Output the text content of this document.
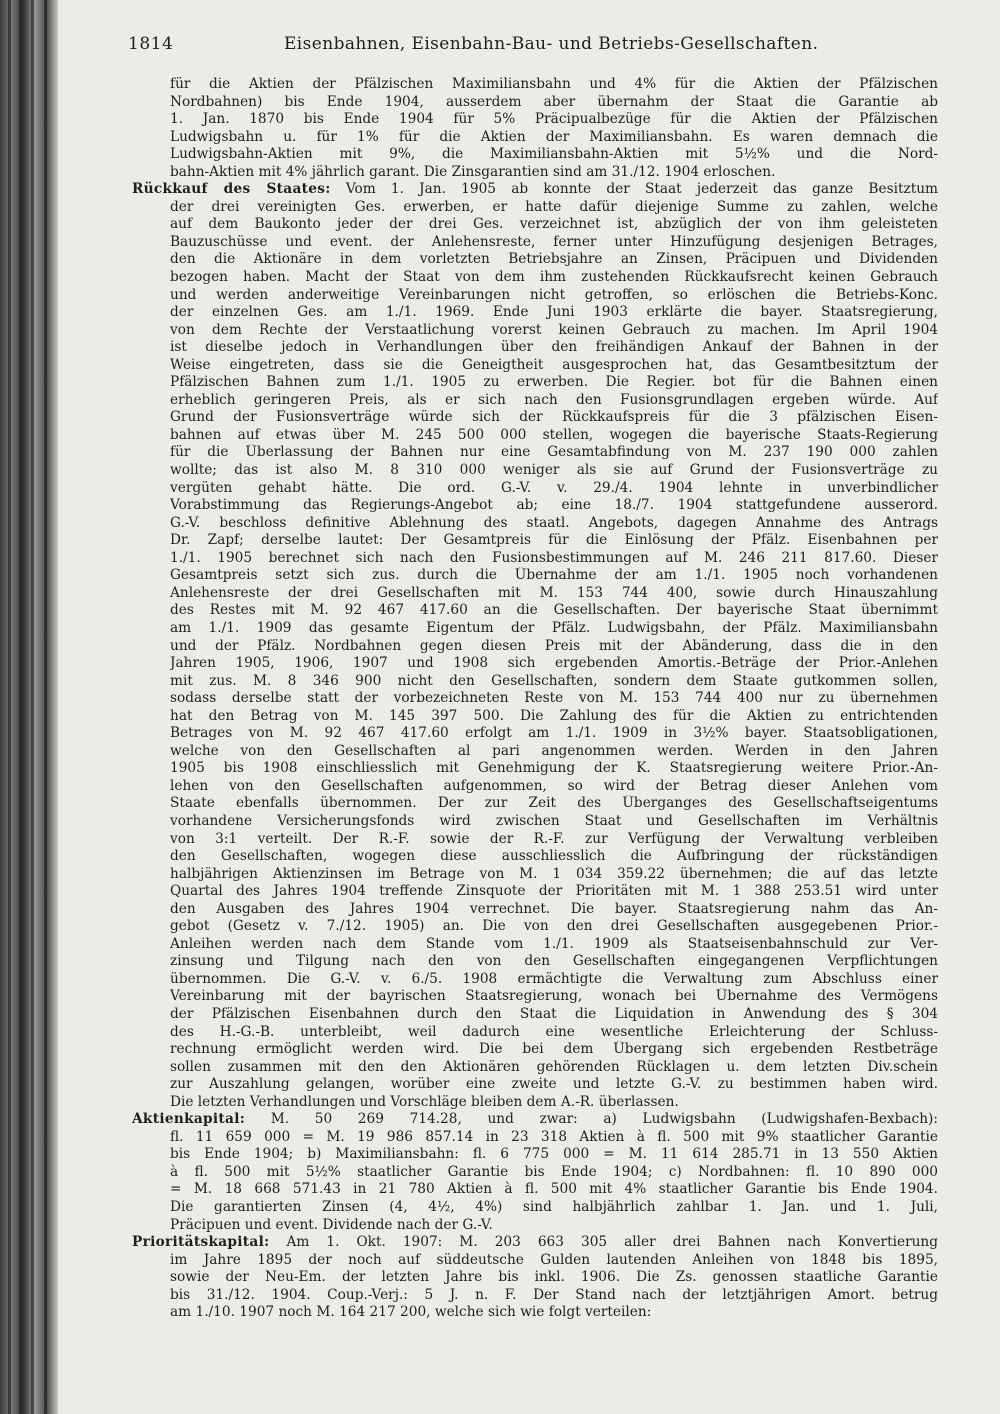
1814	Eisenbahnen, Eisenbahn-Bau- und Betriebs-Gesellschaften.
für die Aktien der Pfälzischen Maximiliansbahn und 4% für die Aktien der Pfälzischen
Nordbahnen) bis Ende 1904, ausserdem aber übernahm der Staat die Garantie ab
1. Jan. 1870 bis Ende 1904 für 5% Präcipualbezüge für die Aktien der Pfälzischen
Ludwigsbahn u. für 1% für die Aktien der Maximiliansbahn. Es waren demnach die
Ludwigsbahn-Aktien mit 9%, die Maximiliansbahn-Aktien mit 5½% und die Nord-
bahn-Aktien mit 4% jährlich garant. Die Zinsgarantien sind am 31./12. 1904 erloschen.
Rückkauf des Staates: Vom 1. Jan. 1905 ab konnte der Staat jederzeit das ganze Besitztum
der drei vereinigten Ges. erwerben, er hatte dafür diejenige Summe zu zahlen, welche
auf dem Baukonto jeder der drei Ges. verzeichnet ist, abzüglich der von ihm geleisteten
Bauzuschüsse und event. der Anlehensreste, ferner unter Hinzufügung desjenigen Betrages,
den die Aktionäre in dem vorletzten Betriebsjahre an Zinsen, Präcipuen und Dividenden
bezogen haben. Macht der Staat von dem ihm zustehenden Rückkaufsrecht keinen Gebrauch
und werden anderweitige Vereinbarungen nicht getroffen, so erlöschen die Betriebs-Konc.
der einzelnen Ges. am 1./1. 1969. Ende Juni 1903 erklärte die bayer. Staatsregierung,
von dem Rechte der Verstaatlichung vorerst keinen Gebrauch zu machen. Im April 1904
ist dieselbe jedoch in Verhandlungen über den freihändigen Ankauf der Bahnen in der
Weise eingetreten, dass sie die Geneigtheit ausgesprochen hat, das Gesamtbesitztum der
Pfälzischen Bahnen zum 1./1. 1905 zu erwerben. Die Regier. bot für die Bahnen einen
erheblich geringeren Preis, als er sich nach den Fusionsgrundlagen ergeben würde. Auf
Grund der Fusionsverträge würde sich der Rückkaufspreis für die 3 pfälzischen Eisen-
bahnen auf etwas über M. 245 500 000 stellen, wogegen die bayerische Staats-Regierung
für die Überlassung der Bahnen nur eine Gesamtabfindung von M. 237 190 000 zahlen
wollte; das ist also M. 8 310 000 weniger als sie auf Grund der Fusionsverträge zu
vergüten gehabt hätte. Die ord. G.-V. v. 29./4. 1904 lehnte in unverbindlicher
Vorabstimmung das Regierungs-Angebot ab; eine 18./7. 1904 stattgefundene ausserord.
G.-V. beschloss definitive Ablehnung des staatl. Angebots, dagegen Annahme des Antrags
Dr. Zapf; derselbe lautet: Der Gesamtpreis für die Einlösung der Pfälz. Eisenbahnen per
1./1. 1905 berechnet sich nach den Fusionsbestimmungen auf M. 246 211 817.60. Dieser
Gesamtpreis setzt sich zus. durch die Übernahme der am 1./1. 1905 noch vorhandenen
Anlehensreste der drei Gesellschaften mit M. 153 744 400, sowie durch Hinauszahlung
des Restes mit M. 92 467 417.60 an die Gesellschaften. Der bayerische Staat übernimmt
am 1./1. 1909 das gesamte Eigentum der Pfälz. Ludwigsbahn, der Pfälz. Maximiliansbahn
und der Pfälz. Nordbahnen gegen diesen Preis mit der Abänderung, dass die in den
Jahren 1905, 1906, 1907 und 1908 sich ergebenden Amortis.-Beträge der Prior.-Anlehen
mit zus. M. 8 346 900 nicht den Gesellschaften, sondern dem Staate gutkommen sollen,
sodass derselbe statt der vorbezeichneten Reste von M. 153 744 400 nur zu übernehmen
hat den Betrag von M. 145 397 500. Die Zahlung des für die Aktien zu entrichtenden
Betrages von M. 92 467 417.60 erfolgt am 1./1. 1909 in 3½% bayer. Staatsobligationen,
welche von den Gesellschaften al pari angenommen werden. Werden in den Jahren
1905 bis 1908 einschliesslich mit Genehmigung der K. Staatsregierung weitere Prior.-An-
lehen von den Gesellschaften aufgenommen, so wird der Betrag dieser Anlehen vom
Staate ebenfalls übernommen. Der zur Zeit des Überganges des Gesellschaftseigentums
vorhandene Versicherungsfonds wird zwischen Staat und Gesellschaften im Verhältnis
von 3:1 verteilt. Der R.-F. sowie der R.-F. zur Verfügung der Verwaltung verbleiben
den Gesellschaften, wogegen diese ausschliesslich die Aufbringung der rückständigen
halbjährigen Aktienzinsen im Betrage von M. 1 034 359.22 übernehmen; die auf das letzte
Quartal des Jahres 1904 treffende Zinsquote der Prioritäten mit M. 1 388 253.51 wird unter
den Ausgaben des Jahres 1904 verrechnet. Die bayer. Staatsregierung nahm das An-
gebot (Gesetz v. 7./12. 1905) an. Die von den drei Gesellschaften ausgegebenen Prior.-
Anleihen werden nach dem Stande vom 1./1. 1909 als Staatseisenbahnschuld zur Ver-
zinsung und Tilgung nach den von den Gesellschaften eingegangenen Verpflichtungen
übernommen. Die G.-V. v. 6./5. 1908 ermächtigte die Verwaltung zum Abschluss einer
Vereinbarung mit der bayrischen Staatsregierung, wonach bei Übernahme des Vermögens
der Pfälzischen Eisenbahnen durch den Staat die Liquidation in Anwendung des § 304
des H.-G.-B. unterbleibt, weil dadurch eine wesentliche Erleichterung der Schluss-
rechnung ermöglicht werden wird. Die bei dem Übergang sich ergebenden Restbeträge
sollen zusammen mit den den Aktionären gehörenden Rücklagen u. dem letzten Div.schein
zur Auszahlung gelangen, worüber eine zweite und letzte G.-V. zu bestimmen haben wird.
Die letzten Verhandlungen und Vorschläge bleiben dem A.-R. überlassen.
Aktienkapital: M. 50 269 714.28, und zwar: a) Ludwigsbahn (Ludwigshafen-Bexbach):
fl. 11 659 000 = M. 19 986 857.14 in 23 318 Aktien à fl. 500 mit 9% staatlicher Garantie
bis Ende 1904; b) Maximiliansbahn: fl. 6 775 000 = M. 11 614 285.71 in 13 550 Aktien
à fl. 500 mit 5½% staatlicher Garantie bis Ende 1904; c) Nordbahnen: fl. 10 890 000
= M. 18 668 571.43 in 21 780 Aktien à fl. 500 mit 4% staatlicher Garantie bis Ende 1904.
Die garantierten Zinsen (4, 4½, 4%) sind halbjährlich zahlbar 1. Jan. und 1. Juli,
Präcipuen und event. Dividende nach der G.-V.
Prioritätskapital: Am 1. Okt. 1907: M. 203 663 305 aller drei Bahnen nach Konvertierung
im Jahre 1895 der noch auf süddeutsche Gulden lautenden Anleihen von 1848 bis 1895,
sowie der Neu-Em. der letzten Jahre bis inkl. 1906. Die Zs. genossen staatliche Garantie
bis 31./12. 1904. Coup.-Verj.: 5 J. n. F. Der Stand nach der letztjährigen Amort. betrug
am 1./10. 1907 noch M. 164 217 200, welche sich wie folgt verteilen:
